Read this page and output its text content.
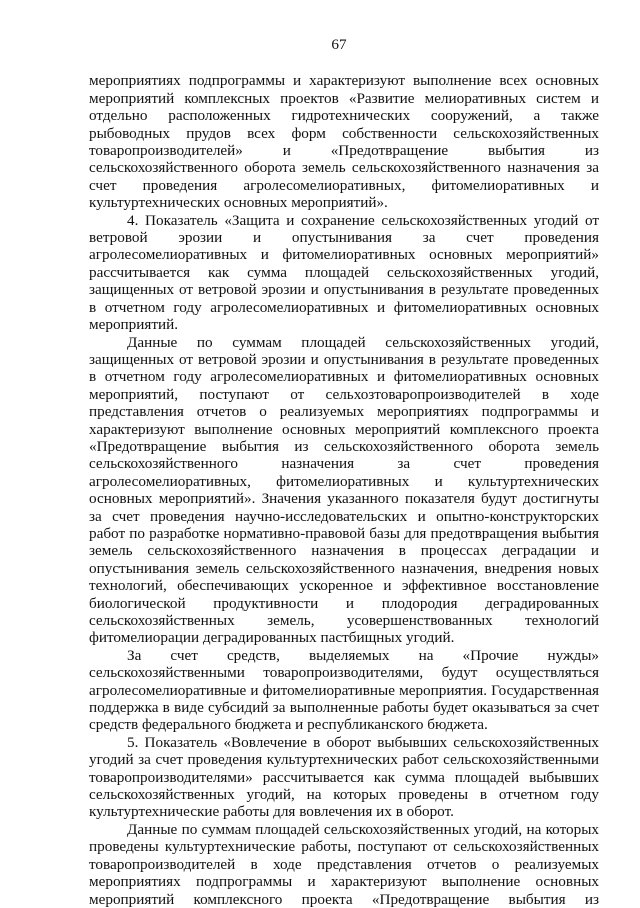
67

мероприятиях подпрограммы и характеризуют выполнение всех основных мероприятий комплексных проектов «Развитие мелиоративных систем и отдельно расположенных гидротехнических сооружений, а также рыбоводных прудов всех форм собственности сельскохозяйственных товаропроизводителей» и «Предотвращение выбытия из сельскохозяйственного оборота земель сельскохозяйственного назначения за счет проведения агролесомелиоративных, фитомелиоративных и культуртехнических основных мероприятий».

4. Показатель «Защита и сохранение сельскохозяйственных угодий от ветровой эрозии и опустынивания за счет проведения агролесомелиоративных и фитомелиоративных основных мероприятий» рассчитывается как сумма площадей сельскохозяйственных угодий, защищенных от ветровой эрозии и опустынивания в результате проведенных в отчетном году агролесомелиоративных и фитомелиоративных основных мероприятий.

Данные по суммам площадей сельскохозяйственных угодий, защищенных от ветровой эрозии и опустынивания в результате проведенных в отчетном году агролесомелиоративных и фитомелиоративных основных мероприятий, поступают от сельхозтоваропроизводителей в ходе представления отчетов о реализуемых мероприятиях подпрограммы и характеризуют выполнение основных мероприятий комплексного проекта «Предотвращение выбытия из сельскохозяйственного оборота земель сельскохозяйственного назначения за счет проведения агролесомелиоративных, фитомелиоративных и культуртехнических основных мероприятий». Значения указанного показателя будут достигнуты за счет проведения научно-исследовательских и опытно-конструкторских работ по разработке нормативно-правовой базы для предотвращения выбытия земель сельскохозяйственного назначения в процессах деградации и опустынивания земель сельскохозяйственного назначения, внедрения новых технологий, обеспечивающих ускоренное и эффективное восстановление биологической продуктивности и плодородия деградированных сельскохозяйственных земель, усовершенствованных технологий фитомелиорации деградированных пастбищных угодий.

За счет средств, выделяемых на «Прочие нужды» сельскохозяйственными товаропроизводителями, будут осуществляться агролесомелиоративные и фитомелиоративные мероприятия. Государственная поддержка в виде субсидий за выполненные работы будет оказываться за счет средств федерального бюджета и республиканского бюджета.

5. Показатель «Вовлечение в оборот выбывших сельскохозяйственных угодий за счет проведения культуртехнических работ сельскохозяйственными товаропроизводителями» рассчитывается как сумма площадей выбывших сельскохозяйственных угодий, на которых проведены в отчетном году культуртехнические работы для вовлечения их в оборот.

Данные по суммам площадей сельскохозяйственных угодий, на которых проведены культуртехнические работы, поступают от сельскохозяйственных товаропроизводителей в ходе представления отчетов о реализуемых мероприятиях подпрограммы и характеризуют выполнение основных мероприятий комплексного проекта «Предотвращение выбытия из
